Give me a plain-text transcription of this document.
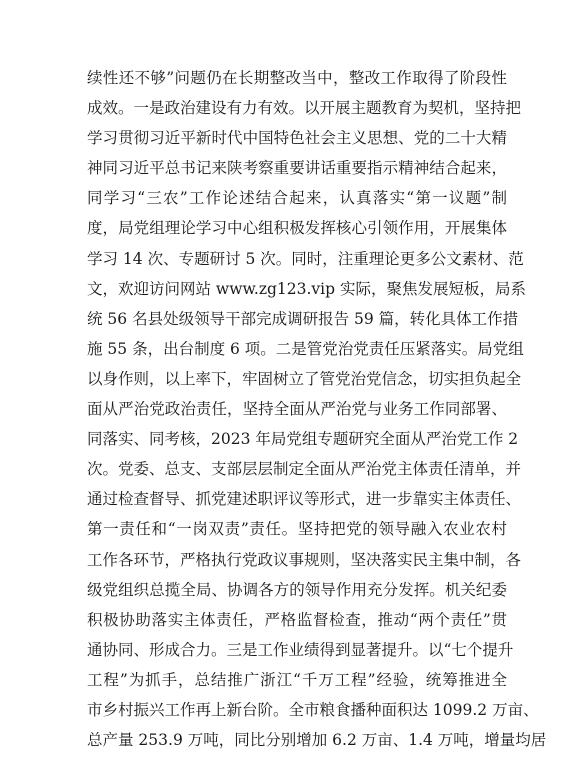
续性还不够”问题仍在长期整改当中，整改工作取得了阶段性
成效。一是政治建设有力有效。以开展主题教育为契机，坚持把
学习贯彻习近平新时代中国特色社会主义思想、党的二十大精
神同习近平总书记来陕考察重要讲话重要指示精神结合起来，
同学习“三农”工作论述结合起来，认真落实“第一议题”制
度，局党组理论学习中心组积极发挥核心引领作用，开展集体
学习 14 次、专题研讨 5 次。同时，注重理论更多公文素材、范
文，欢迎访问网站 www.zg123.vip 实际，聚焦发展短板，局系
统 56 名县处级领导干部完成调研报告 59 篇，转化具体工作措
施 55 条，出台制度 6 项。二是管党治党责任压紧落实。局党组
以身作则，以上率下，牢固树立了管党治党信念，切实担负起全
面从严治党政治责任，坚持全面从严治党与业务工作同部署、
同落实、同考核，2023 年局党组专题研究全面从严治党工作 2
次。党委、总支、支部层层制定全面从严治党主体责任清单，并
通过检查督导、抓党建述职评议等形式，进一步靠实主体责任、
第一责任和“一岗双责”责任。坚持把党的领导融入农业农村
工作各环节，严格执行党政议事规则，坚决落实民主集中制，各
级党组织总揽全局、协调各方的领导作用充分发挥。机关纪委
积极协助落实主体责任，严格监督检查，推动“两个责任”贯
通协同、形成合力。三是工作业绩得到显著提升。以“七个提升
工程”为抓手，总结推广浙江“千万工程”经验，统筹推进全
市乡村振兴工作再上新台阶。全市粮食播种面积达 1099.2 万亩、
总产量 253.9 万吨，同比分别增加 6.2 万亩、1.4 万吨，增量均居
